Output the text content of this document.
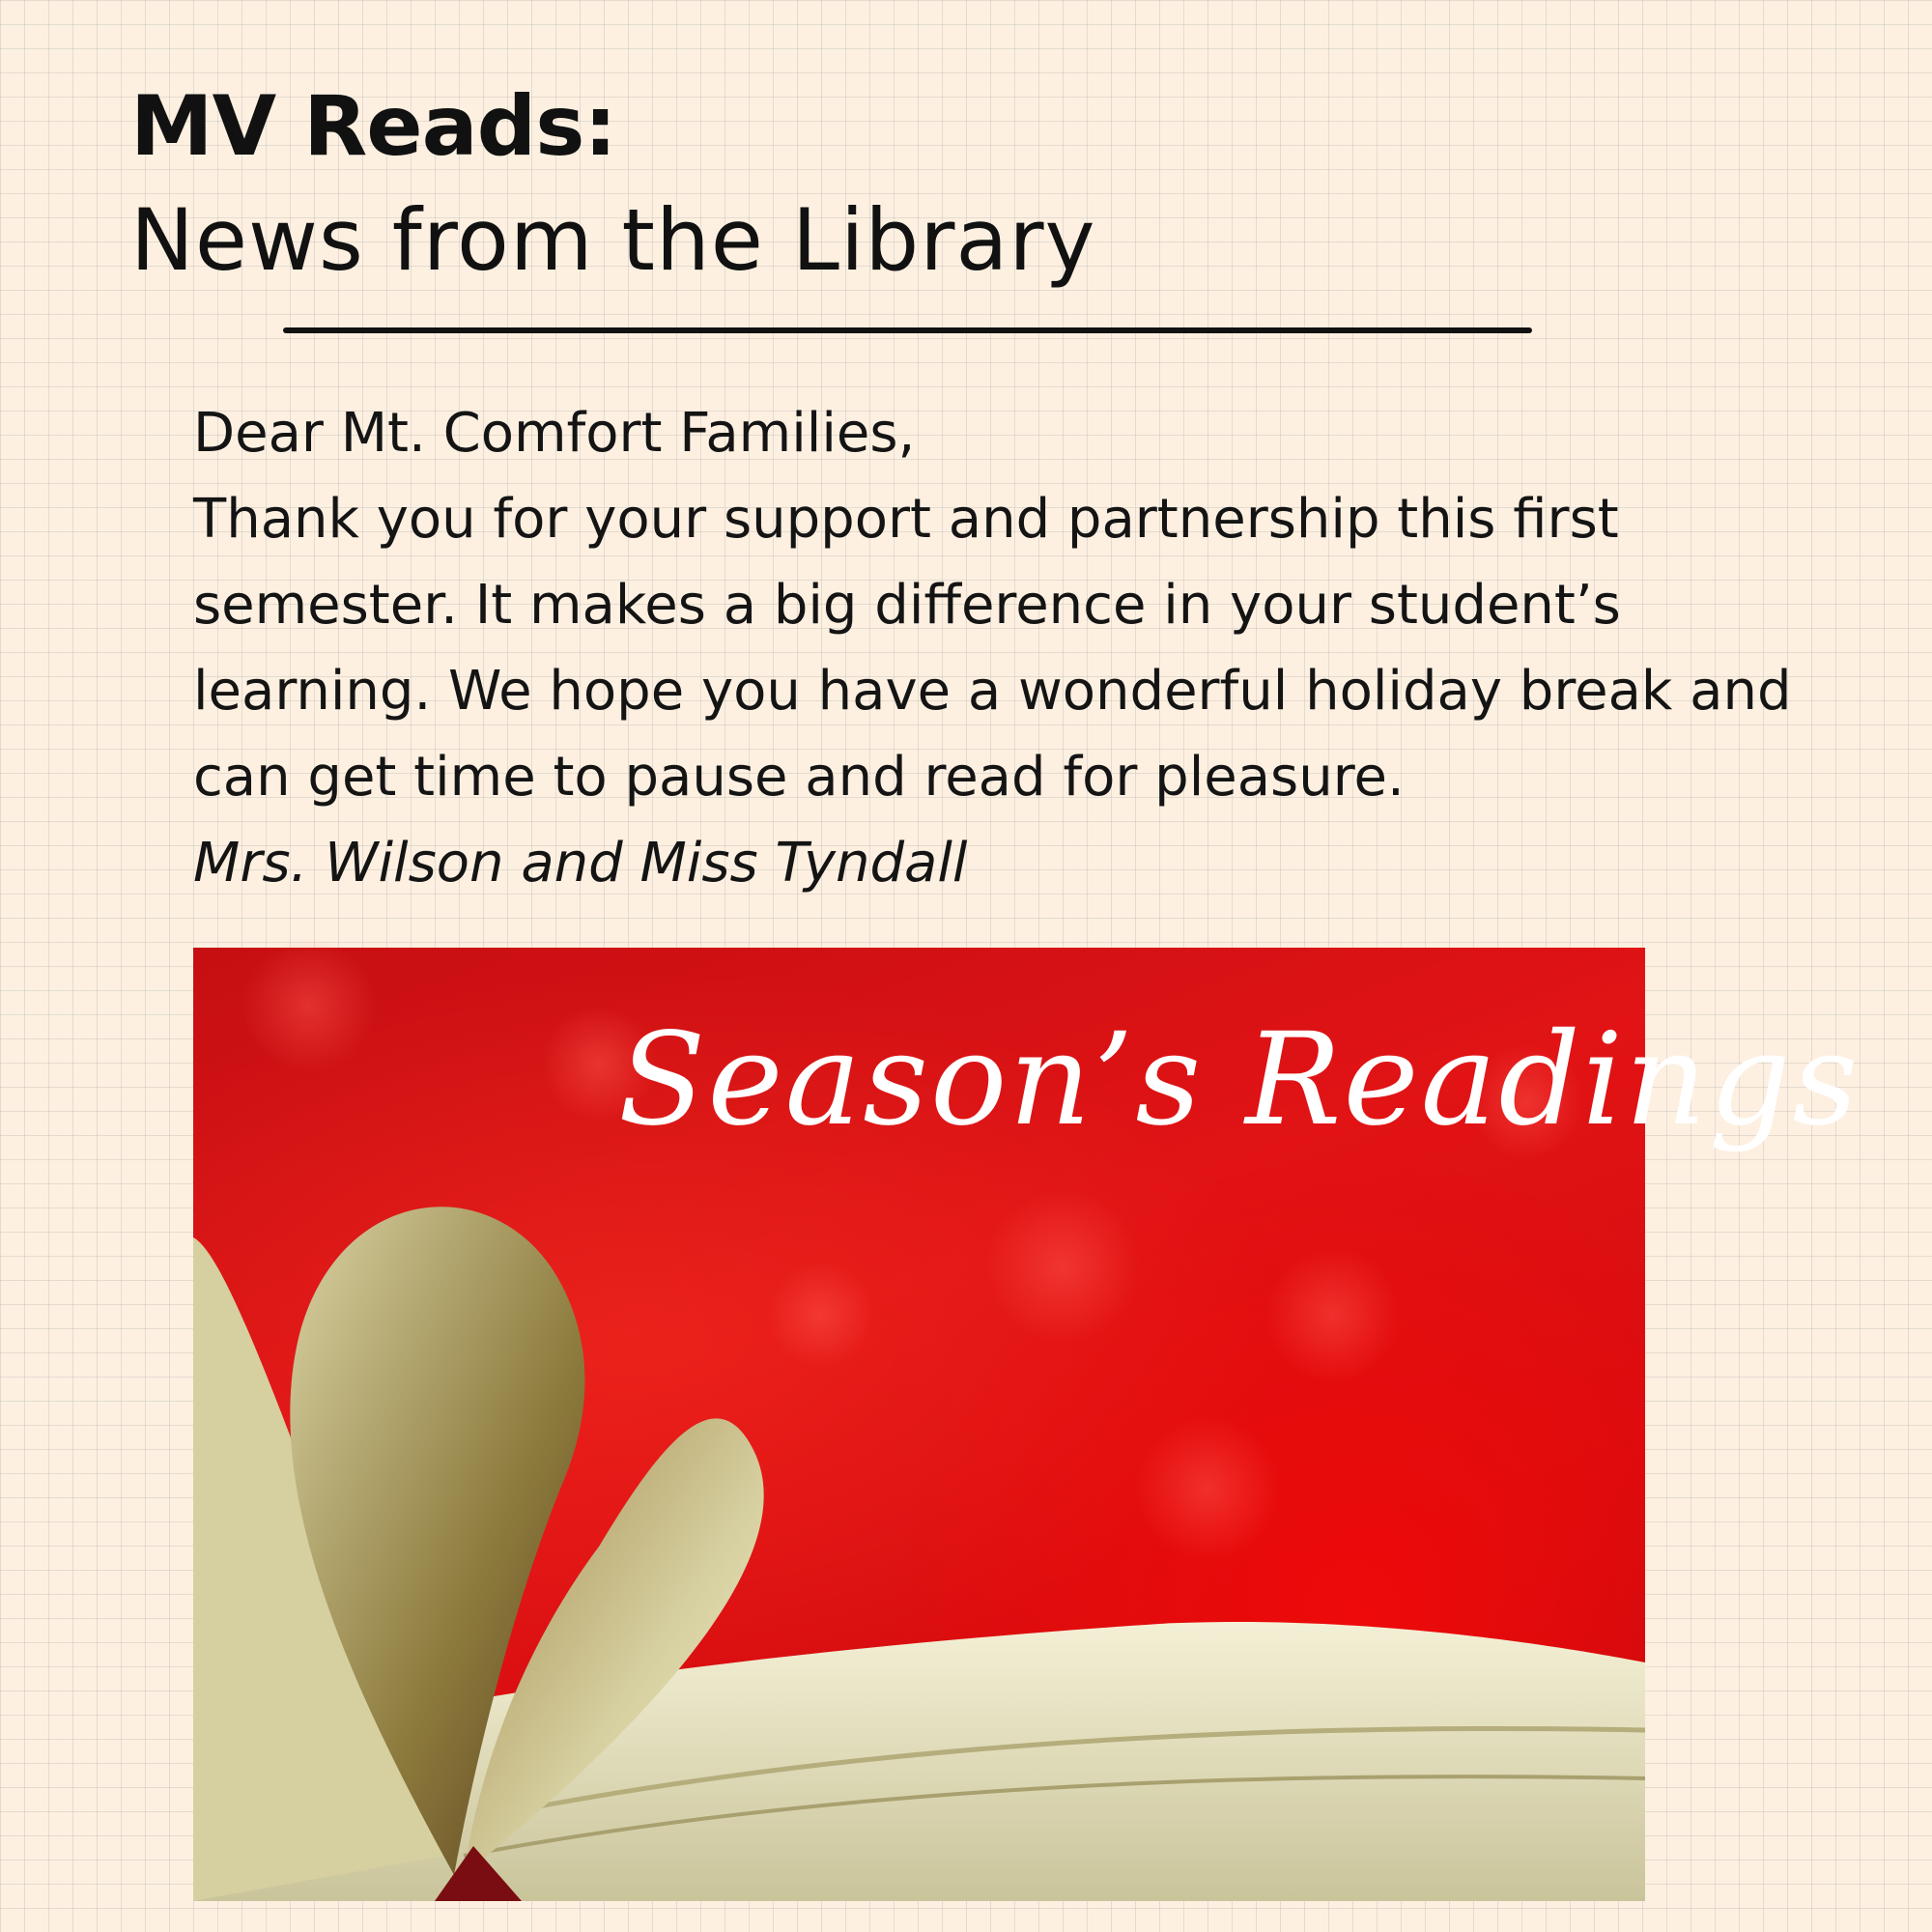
MV Reads:
News from the Library

Dear Mt. Comfort Families,

Thank you for your support and partnership this first semester. It makes a big difference in your student’s learning. We hope you have a wonderful holiday break and can get time to pause and read for pleasure.

Mrs. Wilson and Miss Tyndall

Season’s Readings
